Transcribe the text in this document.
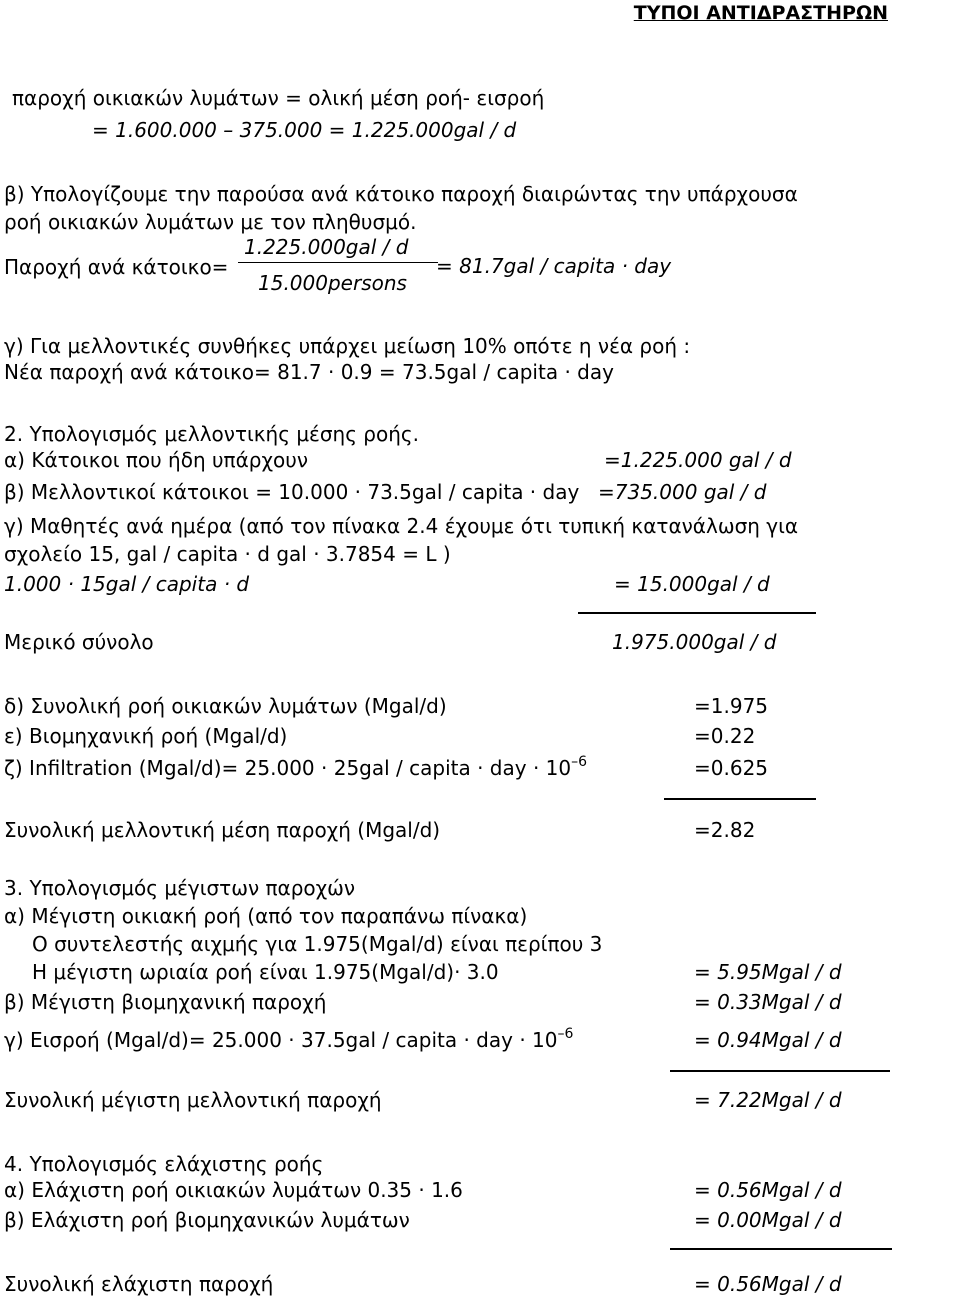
ΤΥΠΟΙ ΑΝΤΙΔΡΑΣΤΗΡΩΝ
παροχή οικιακών λυμάτων = ολική μέση ροή- εισροή
= 1.600.000 – 375.000 = 1.225.000gal / d
β) Υπολογίζουμε την παρούσα ανά κάτοικο παροχή διαιρώντας την υπάρχουσα
ροή οικιακών λυμάτων με τον πληθυσμό.
Παροχή ανά κάτοικο=
1.225.000gal / d
15.000persons
= 81.7gal / capita · day
γ) Για μελλοντικές συνθήκες υπάρχει μείωση 10% οπότε η νέα ροή :
Νέα παροχή ανά κάτοικο= 81.7 · 0.9 = 73.5gal / capita · day
2. Υπολογισμός μελλοντικής μέσης ροής.
α) Κάτοικοι που ήδη υπάρχουν	=1.225.000 gal / d
β) Μελλοντικοί κάτοικοι = 10.000 · 73.5gal / capita · day =735.000 gal / d
γ) Μαθητές ανά ημέρα (από τον πίνακα 2.4 έχουμε ότι τυπική κατανάλωση για
σχολείο 15, gal / capita · d gal · 3.7854 = L )
1.000 · 15gal / capita · d	= 15.000gal / d
Μερικό σύνολο	1.975.000gal / d
δ) Συνολική ροή οικιακών λυμάτων (Mgal/d)	=1.975
ε) Βιομηχανική ροή (Mgal/d)	=0.22
ζ) Infiltration (Mgal/d)= 25.000 · 25gal / capita · day · $10^{-6}$	=0.625
Συνολική μελλοντική μέση παροχή (Mgal/d)	=2.82
3. Υπολογισμός μέγιστων παροχών
α) Μέγιστη οικιακή ροή (από τον παραπάνω πίνακα)
Ο συντελεστής αιχμής για 1.975(Mgal/d) είναι περίπου 3
Η μέγιστη ωριαία ροή είναι 1.975(Mgal/d)· 3.0	= 5.95Mgal / d
β) Μέγιστη βιομηχανική παροχή	= 0.33Mgal / d
γ) Εισροή (Mgal/d)= 25.000 · 37.5gal / capita · day · $10^{-6}$	= 0.94Mgal / d
Συνολική μέγιστη μελλοντική παροχή	= 7.22Mgal / d
4. Υπολογισμός ελάχιστης ροής
α) Ελάχιστη ροή οικιακών λυμάτων 0.35 · 1.6	= 0.56Mgal / d
β) Ελάχιστη ροή βιομηχανικών λυμάτων	= 0.00Mgal / d
Συνολική ελάχιστη παροχή	= 0.56Mgal / d
